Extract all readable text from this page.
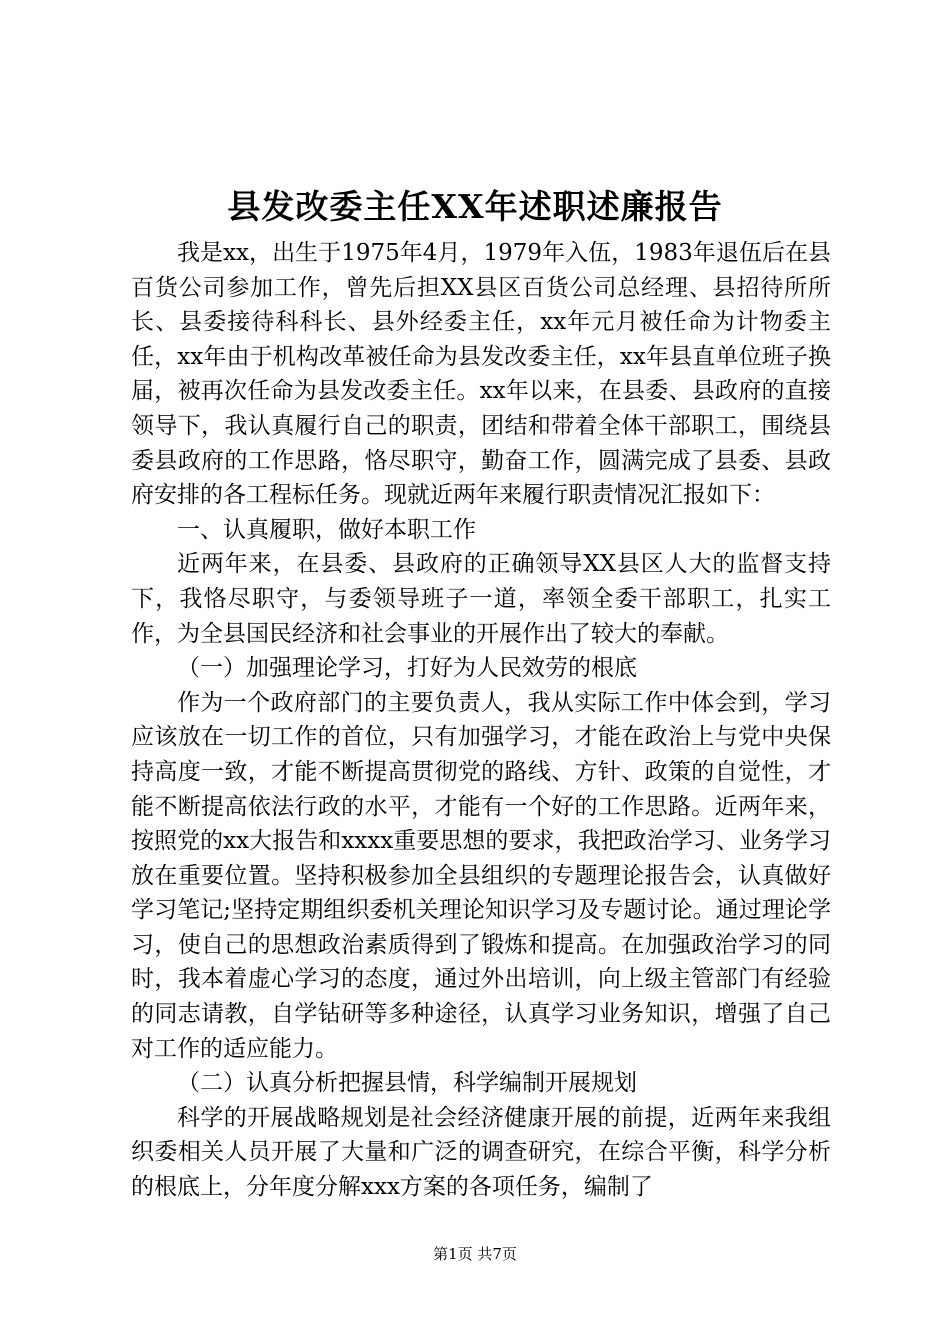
县发改委主任XX年述职述廉报告

我是xx，出生于1975年4月，1979年入伍，1983年退伍后在县百货公司参加工作，曾先后担XX县区百货公司总经理、县招待所所长、县委接待科科长、县外经委主任，xx年元月被任命为计物委主任，xx年由于机构改革被任命为县发改委主任，xx年县直单位班子换届，被再次任命为县发改委主任。xx年以来，在县委、县政府的直接领导下，我认真履行自己的职责，团结和带着全体干部职工，围绕县委县政府的工作思路，恪尽职守，勤奋工作，圆满完成了县委、县政府安排的各工程标任务。现就近两年来履行职责情况汇报如下：

一、认真履职，做好本职工作

近两年来，在县委、县政府的正确领导XX县区人大的监督支持下，我恪尽职守，与委领导班子一道，率领全委干部职工，扎实工作，为全县国民经济和社会事业的开展作出了较大的奉献。

（一）加强理论学习，打好为人民效劳的根底

作为一个政府部门的主要负责人，我从实际工作中体会到，学习应该放在一切工作的首位，只有加强学习，才能在政治上与党中央保持高度一致，才能不断提高贯彻党的路线、方针、政策的自觉性，才能不断提高依法行政的水平，才能有一个好的工作思路。近两年来，按照党的xx大报告和xxxx重要思想的要求，我把政治学习、业务学习放在重要位置。坚持积极参加全县组织的专题理论报告会，认真做好学习笔记;坚持定期组织委机关理论知识学习及专题讨论。通过理论学习，使自己的思想政治素质得到了锻炼和提高。在加强政治学习的同时，我本着虚心学习的态度，通过外出培训，向上级主管部门有经验的同志请教，自学钻研等多种途径，认真学习业务知识，增强了自己对工作的适应能力。

（二）认真分析把握县情，科学编制开展规划

科学的开展战略规划是社会经济健康开展的前提，近两年来我组织委相关人员开展了大量和广泛的调查研究，在综合平衡，科学分析的根底上，分年度分解xxx方案的各项任务，编制了

第1页 共7页
